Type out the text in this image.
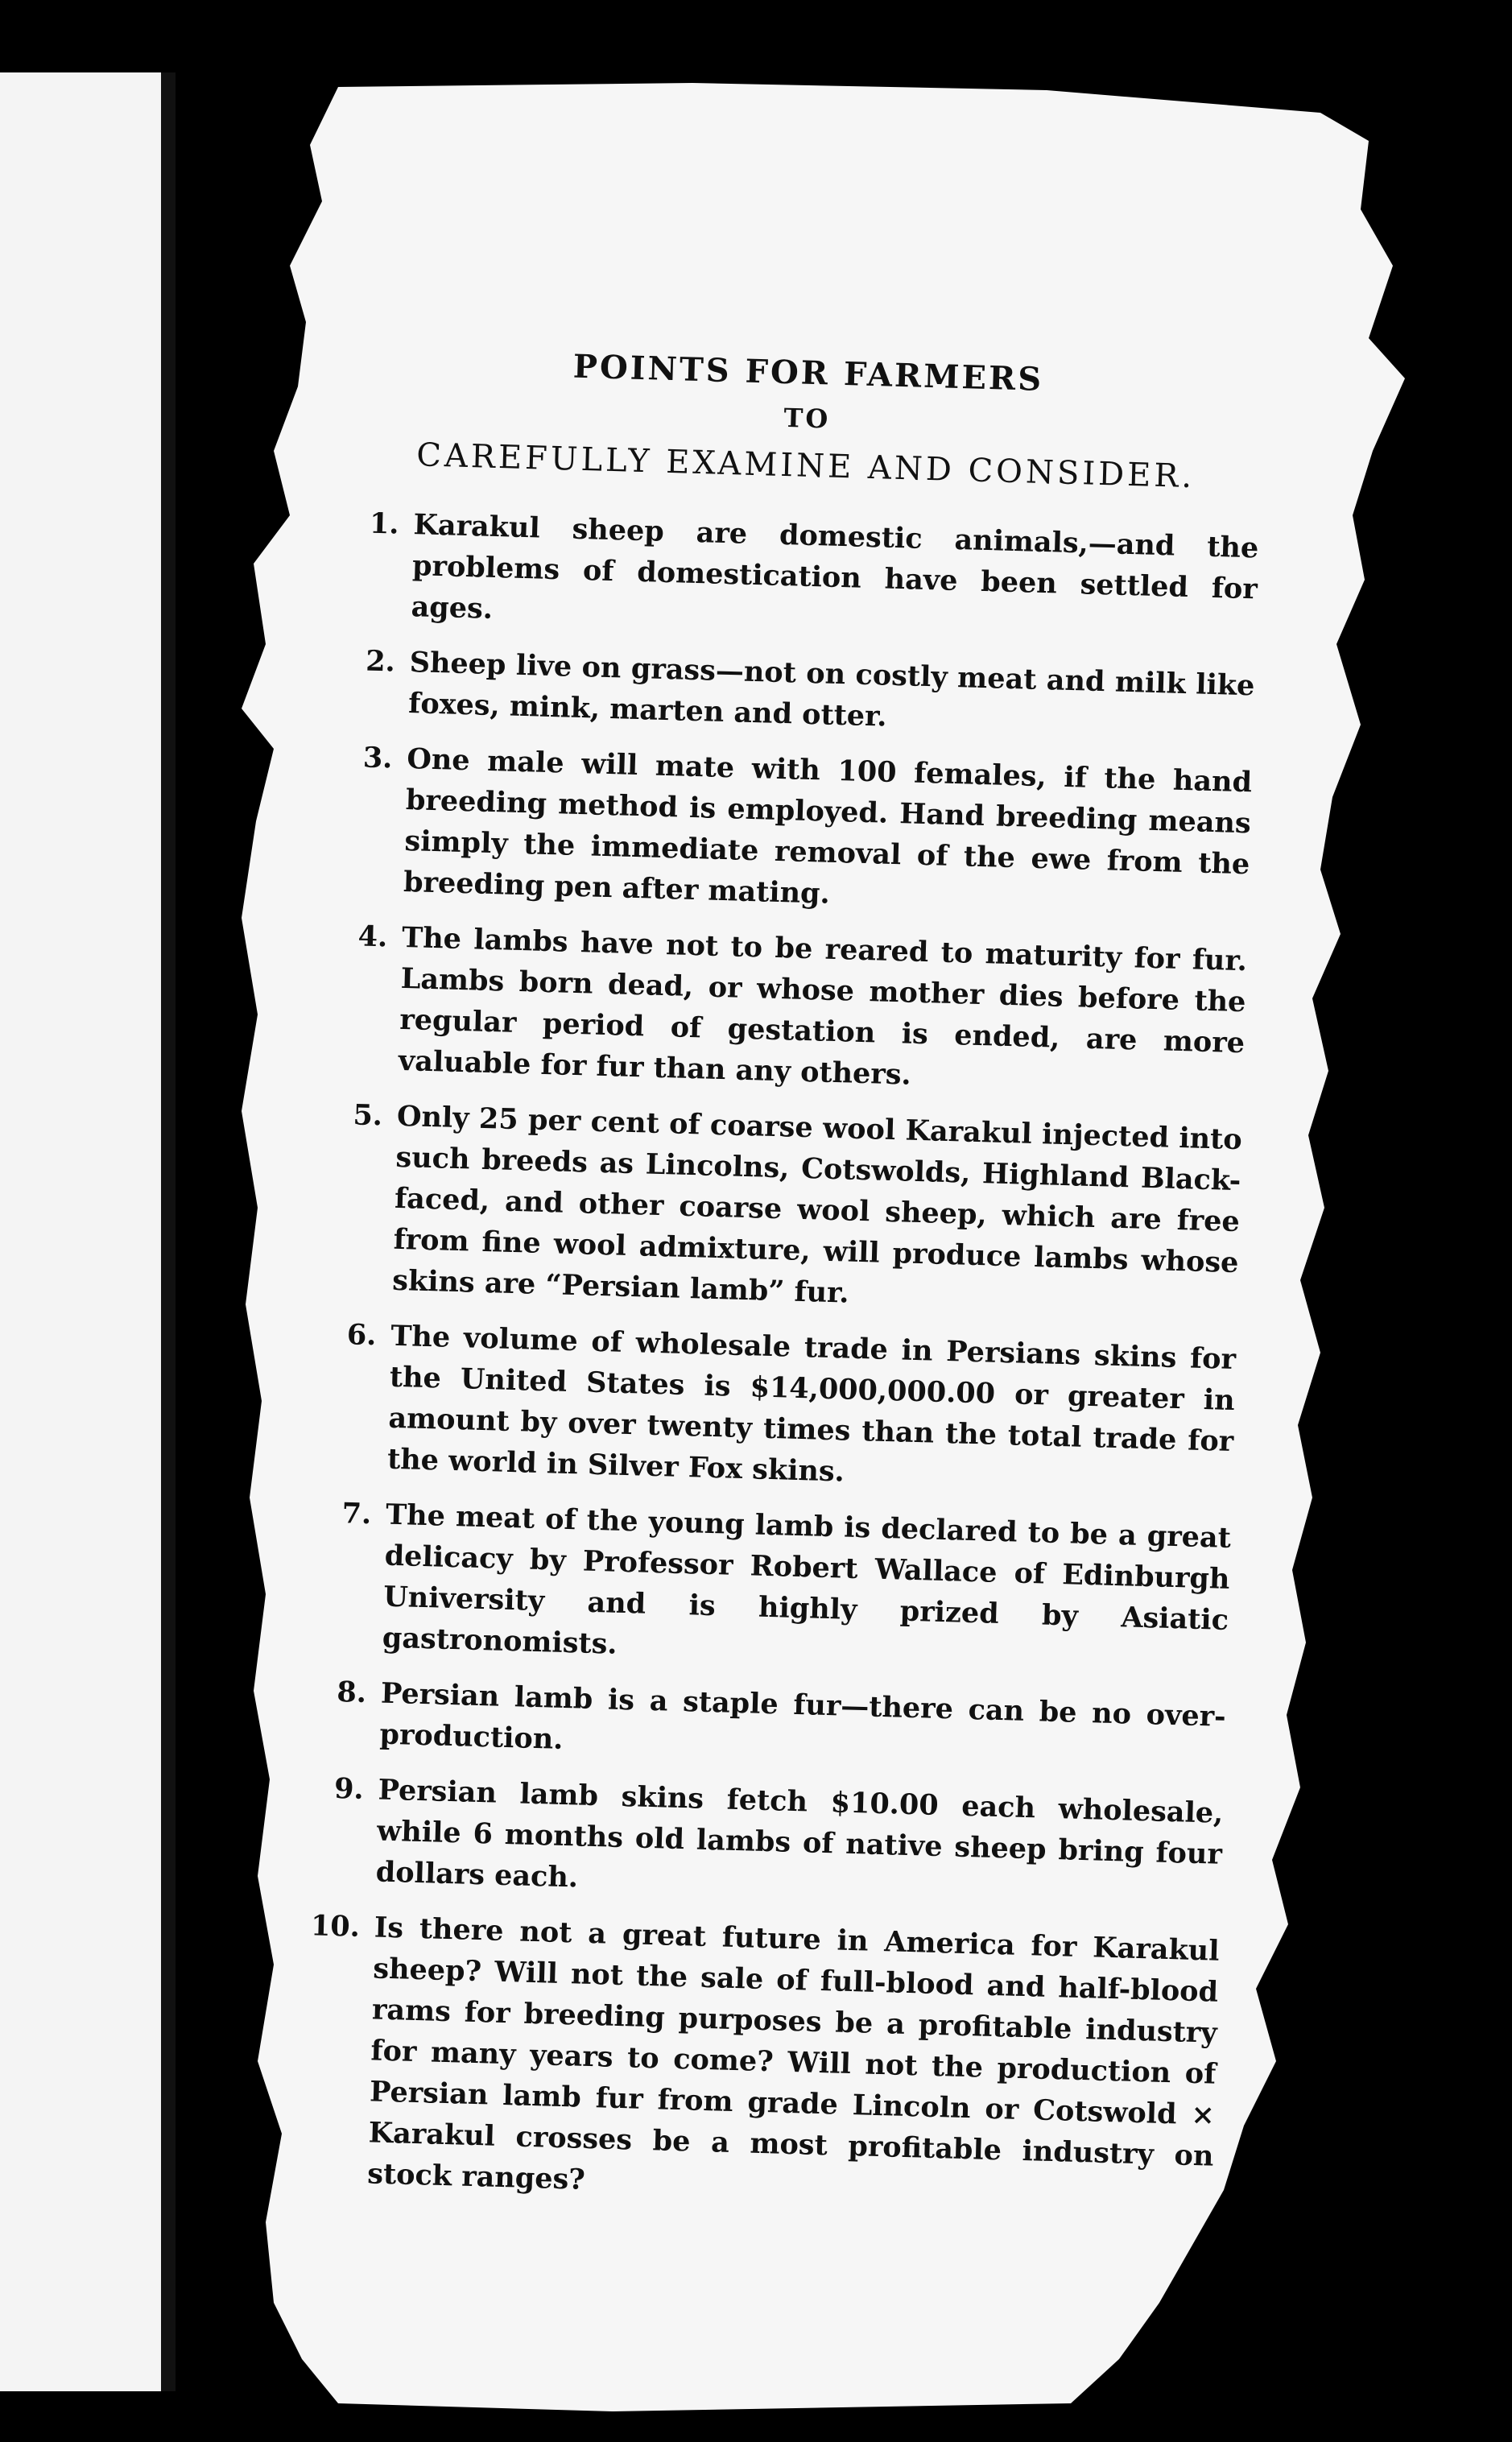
POINTS FOR FARMERS
TO
CAREFULLY EXAMINE AND CONSIDER.
1. Karakul sheep are domestic animals,—and the problems of domestication have been settled for ages.
2. Sheep live on grass—not on costly meat and milk like foxes, mink, marten and otter.
3. One male will mate with 100 females, if the hand breeding method is employed. Hand breeding means simply the immediate removal of the ewe from the breeding pen after mating.
4. The lambs have not to be reared to maturity for fur. Lambs born dead, or whose mother dies before the regular period of gestation is ended, are more valuable for fur than any others.
5. Only 25 per cent of coarse wool Karakul injected into such breeds as Lincolns, Cotswolds, Highland Black-faced, and other coarse wool sheep, which are free from fine wool admixture, will produce lambs whose skins are “Persian lamb” fur.
6. The volume of wholesale trade in Persians skins for the United States is $14,000,000.00 or greater in amount by over twenty times than the total trade for the world in Silver Fox skins.
7. The meat of the young lamb is declared to be a great delicacy by Professor Robert Wallace of Edinburgh University and is highly prized by Asiatic gastronomists.
8. Persian lamb is a staple fur—there can be no over-production.
9. Persian lamb skins fetch $10.00 each wholesale, while 6 months old lambs of native sheep bring four dollars each.
10. Is there not a great future in America for Karakul sheep? Will not the sale of full-blood and half-blood rams for breeding purposes be a profitable industry for many years to come? Will not the production of Persian lamb fur from grade Lincoln or Cotswold × Karakul crosses be a most profitable industry on stock ranges?
